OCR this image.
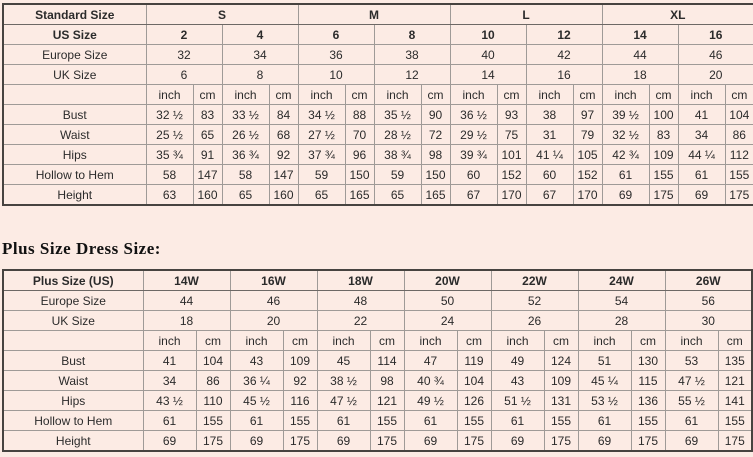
Standard Size	S				M				L				XL			
US Size	2		4		6		8		10		12		14		16	
Europe Size	32		34		36		38		40		42		44		46	
UK Size	6		8		10		12		14		16		18		20	
	inch	cm	inch	cm	inch	cm	inch	cm	inch	cm	inch	cm	inch	cm	inch	cm
Bust	32 ½	83	33 ½	84	34 ½	88	35 ½	90	36 ½	93	38	97	39 ½	100	41	104
Waist	25 ½	65	26 ½	68	27 ½	70	28 ½	72	29 ½	75	31	79	32 ½	83	34	86
Hips	35 ¾	91	36 ¾	92	37 ¾	96	38 ¾	98	39 ¾	101	41 ¼	105	42 ¾	109	44 ¼	112
Hollow to Hem	58	147	58	147	59	150	59	150	60	152	60	152	61	155	61	155
Height	63	160	65	160	65	165	65	165	67	170	67	170	69	175	69	175
Plus Size Dress Size:
Plus Size (US)	14W		16W		18W		20W		22W		24W		26W	
Europe Size	44		46		48		50		52		54		56	
UK Size	18		20		22		24		26		28		30	
	inch	cm	inch	cm	inch	cm	inch	cm	inch	cm	inch	cm	inch	cm
Bust	41	104	43	109	45	114	47	119	49	124	51	130	53	135
Waist	34	86	36 ¼	92	38 ½	98	40 ¾	104	43	109	45 ¼	115	47 ½	121
Hips	43 ½	110	45 ½	116	47 ½	121	49 ½	126	51 ½	131	53 ½	136	55 ½	141
Hollow to Hem	61	155	61	155	61	155	61	155	61	155	61	155	61	155
Height	69	175	69	175	69	175	69	175	69	175	69	175	69	175
